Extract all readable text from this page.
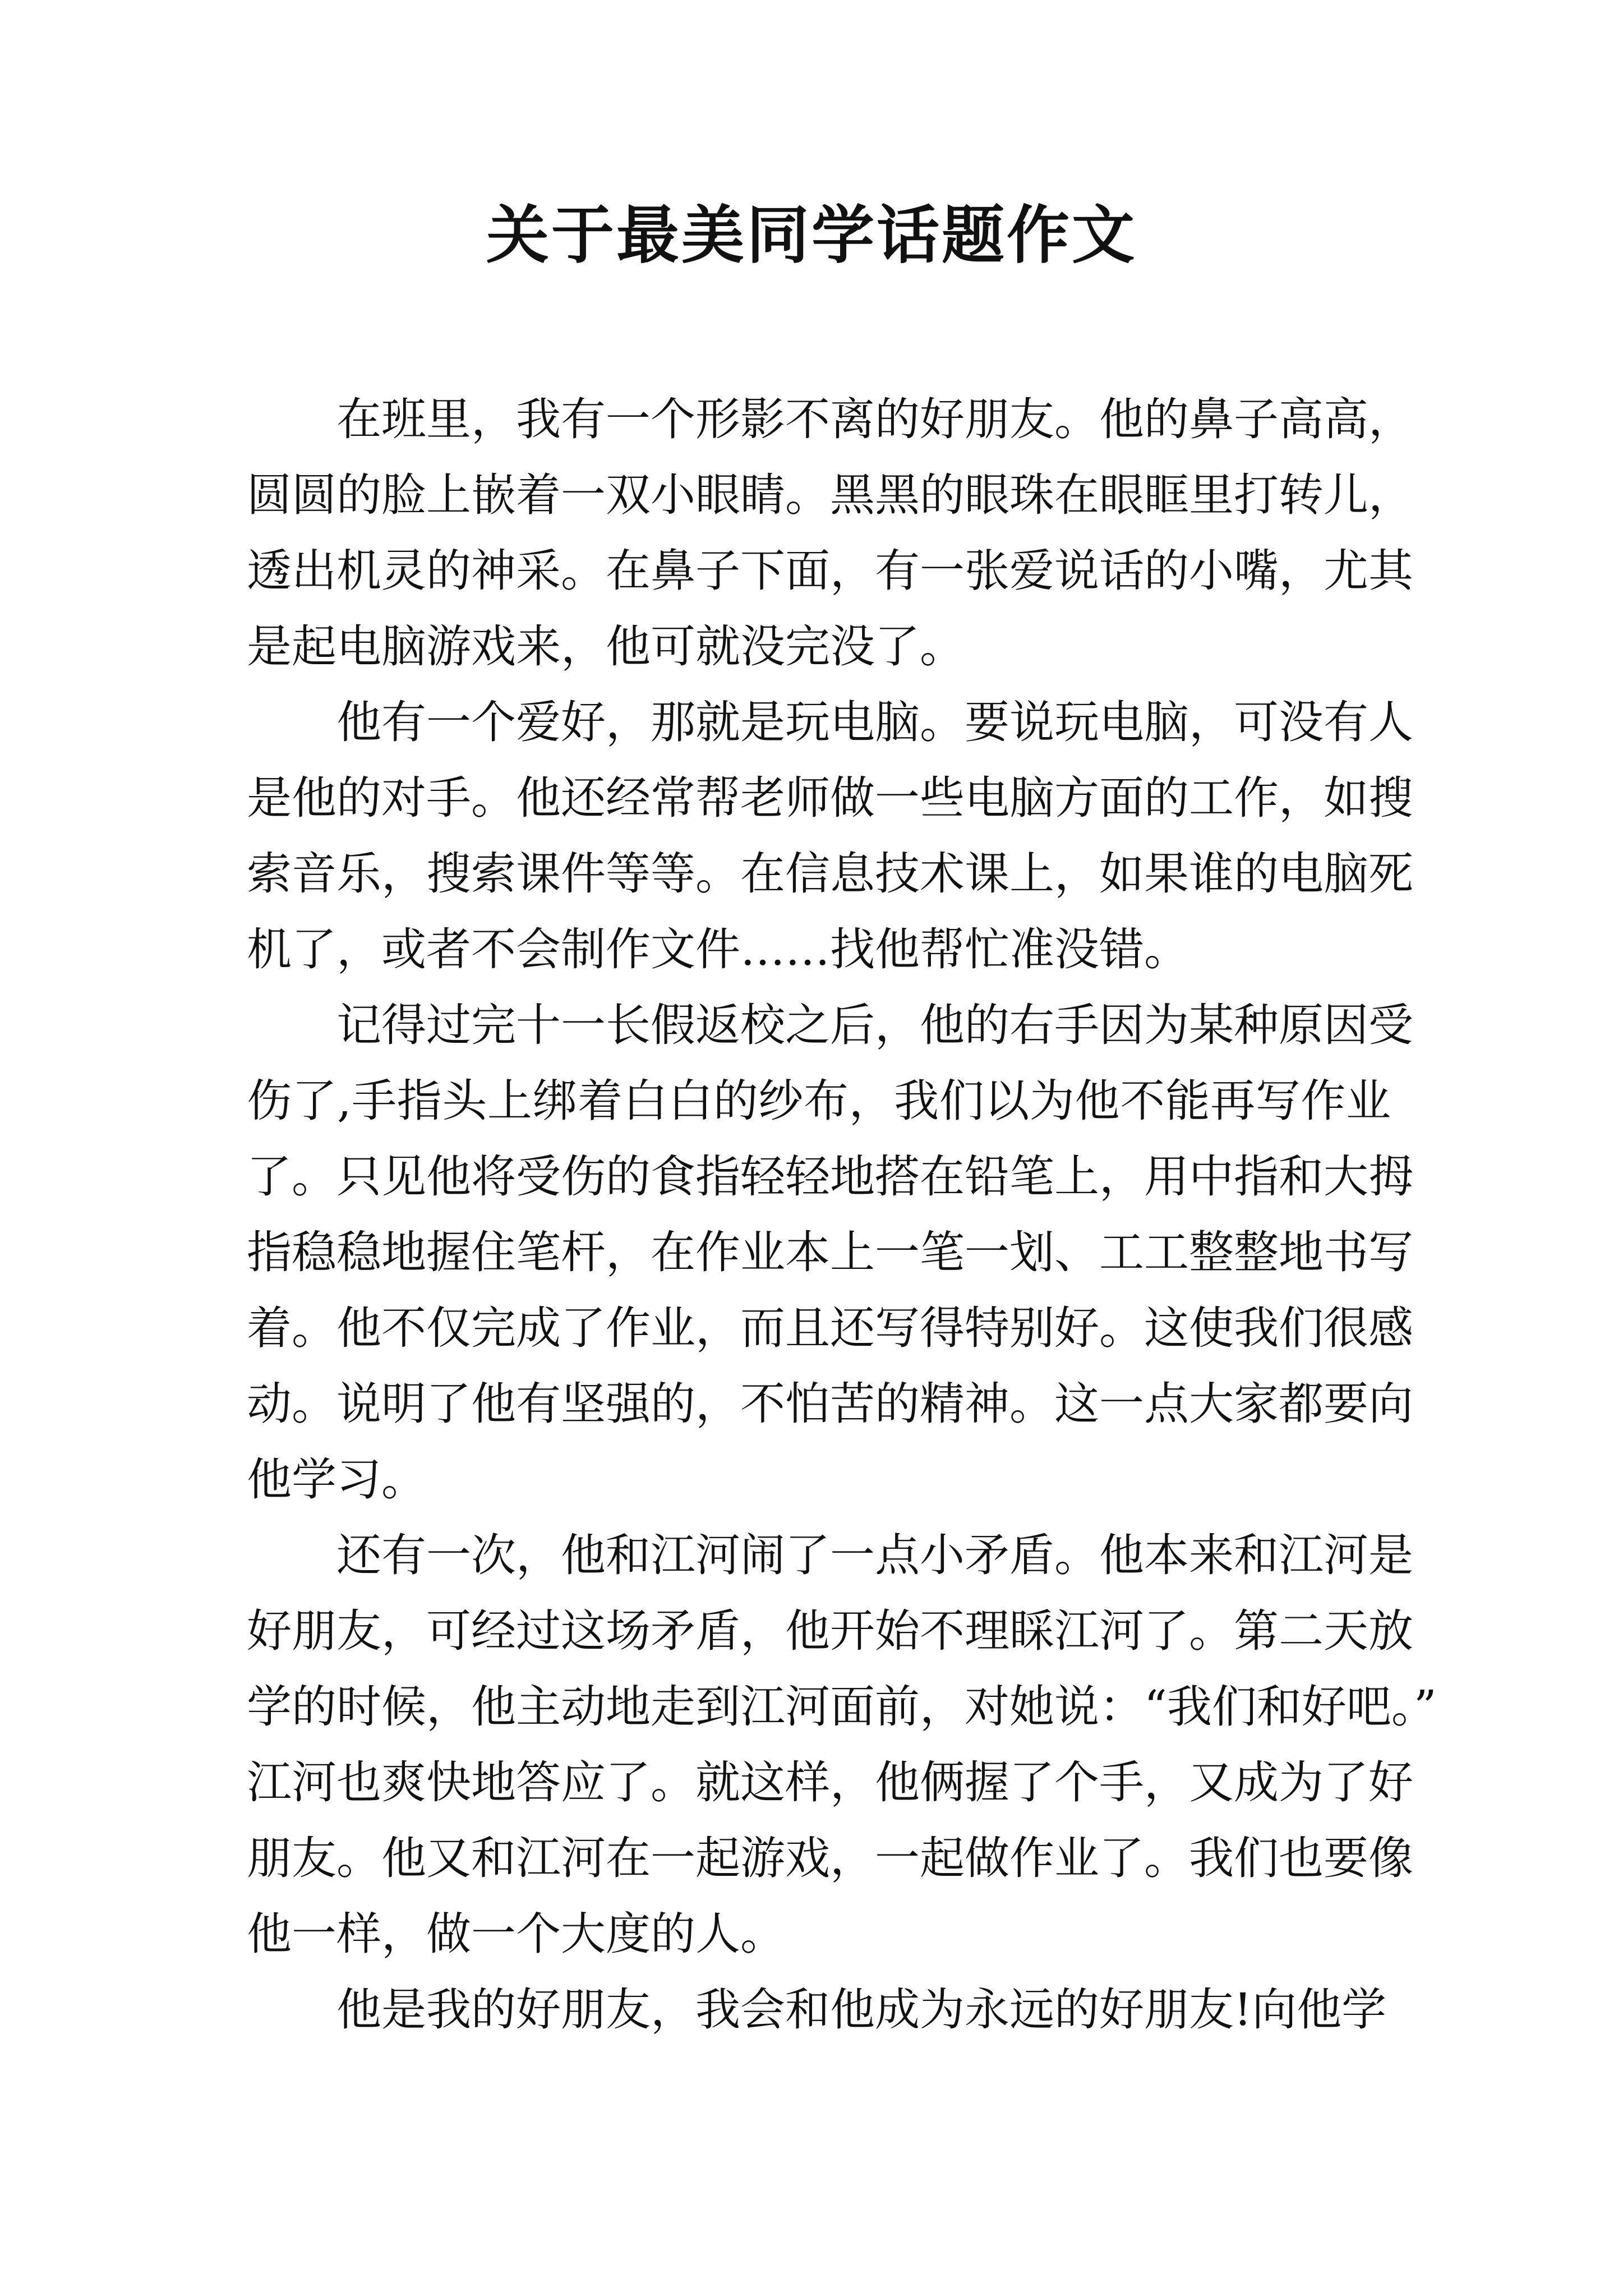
关于最美同学话题作文
在班里，我有一个形影不离的好朋友。他的鼻子高高，
圆圆的脸上嵌着一双小眼睛。黑黑的眼珠在眼眶里打转儿，
透出机灵的神采。在鼻子下面，有一张爱说话的小嘴，尤其
是起电脑游戏来，他可就没完没了。
他有一个爱好，那就是玩电脑。要说玩电脑，可没有人
是他的对手。他还经常帮老师做一些电脑方面的工作，如搜
索音乐，搜索课件等等。在信息技术课上，如果谁的电脑死
机了，或者不会制作文件……找他帮忙准没错。
记得过完十一长假返校之后，他的右手因为某种原因受
伤了,手指头上绑着白白的纱布，我们以为他不能再写作业
了。只见他将受伤的食指轻轻地搭在铅笔上，用中指和大拇
指稳稳地握住笔杆，在作业本上一笔一划、工工整整地书写
着。他不仅完成了作业，而且还写得特别好。这使我们很感
动。说明了他有坚强的，不怕苦的精神。这一点大家都要向
他学习。
还有一次，他和江河闹了一点小矛盾。他本来和江河是
好朋友，可经过这场矛盾，他开始不理睬江河了。第二天放
学的时候，他主动地走到江河面前，对她说：“我们和好吧。”
江河也爽快地答应了。就这样，他俩握了个手，又成为了好
朋友。他又和江河在一起游戏，一起做作业了。我们也要像
他一样，做一个大度的人。
他是我的好朋友，我会和他成为永远的好朋友!向他学
